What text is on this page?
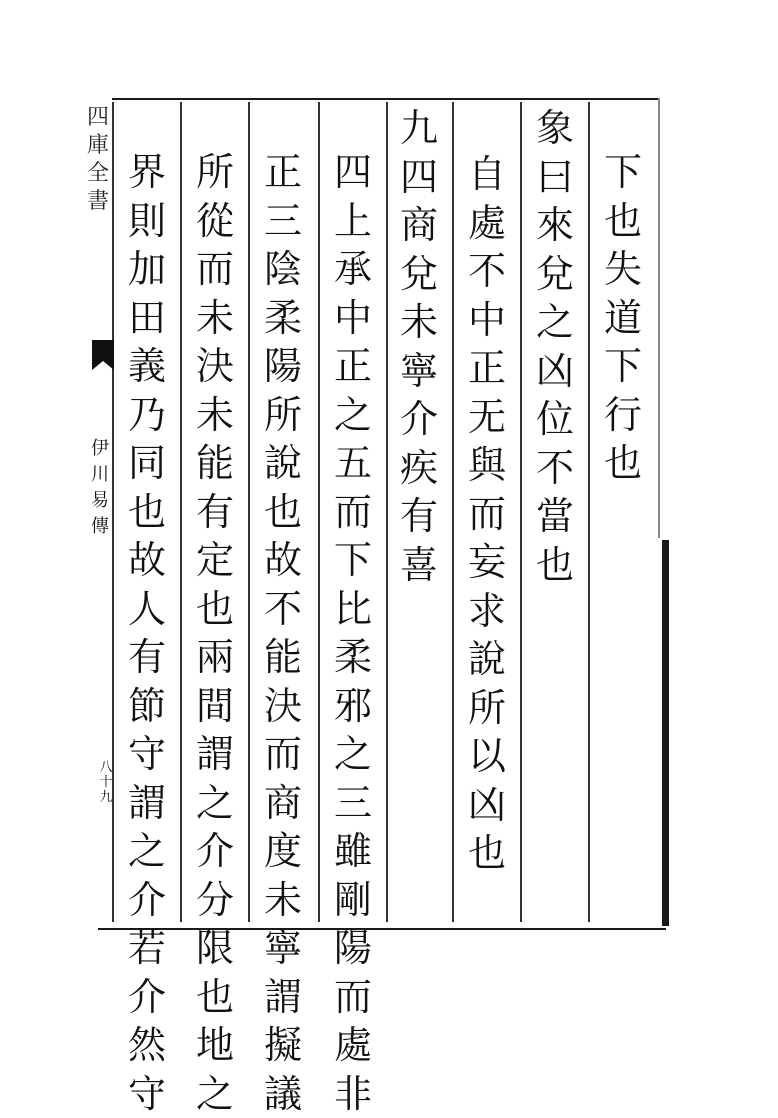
四
庫
全
書
伊
川
易
傳
八
十
九
下
也
失
道
下
行
也
象
曰
來
兌
之
凶
位
不
當
也
自
處
不
中
正
无
與
而
妄
求
說
所
以
凶
也
九
四
商
兌
未
寧
介
疾
有
喜
四
上
承
中
正
之
五
而
下
比
柔
邪
之
三
雖
剛
陽
而
處
非
正
三
陰
柔
陽
所
說
也
故
不
能
決
而
商
度
未
寧
謂
擬
議
所
從
而
未
決
未
能
有
定
也
兩
間
謂
之
介
分
限
也
地
之
界
則
加
田
義
乃
同
也
故
人
有
節
守
謂
之
介
若
介
然
守
